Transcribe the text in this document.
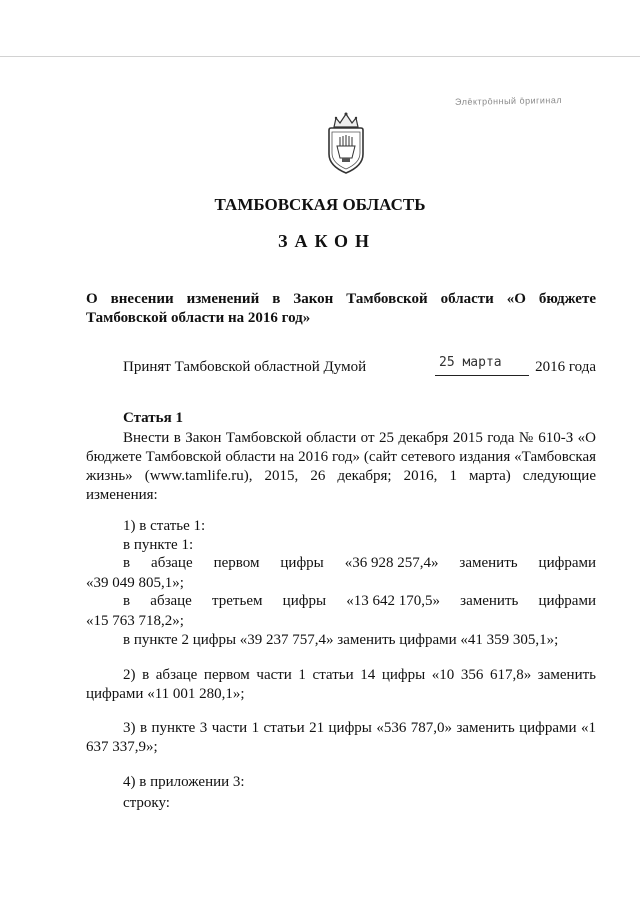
Эле̄ктро̄нный о̄ригинал
ТАМБОВСКАЯ ОБЛАСТЬ
ЗАКОН
О внесении изменений в Закон Тамбовской области «О бюджете Тамбовской области на 2016 год»
Принят Тамбовской областной Думой	25 марта	2016 года
Статья 1
Внести в Закон Тамбовской области от 25 декабря 2015 года № 610-З «О бюджете Тамбовской области на 2016 год» (сайт сетевого издания «Тамбовская жизнь» (www.tamlife.ru), 2015, 26 декабря; 2016, 1 марта) следующие изменения:
1) в статье 1:
в пункте 1:
в абзаце первом цифры «36 928 257,4» заменить цифрами
«39 049 805,1»;
в абзаце третьем цифры «13 642 170,5» заменить цифрами
«15 763 718,2»;
в пункте 2 цифры «39 237 757,4» заменить цифрами «41 359 305,1»;
2) в абзаце первом части 1 статьи 14 цифры «10 356 617,8» заменить цифрами «11 001 280,1»;
3) в пункте 3 части 1 статьи 21 цифры «536 787,0» заменить цифрами «1 637 337,9»;
4) в приложении 3:
строку:
